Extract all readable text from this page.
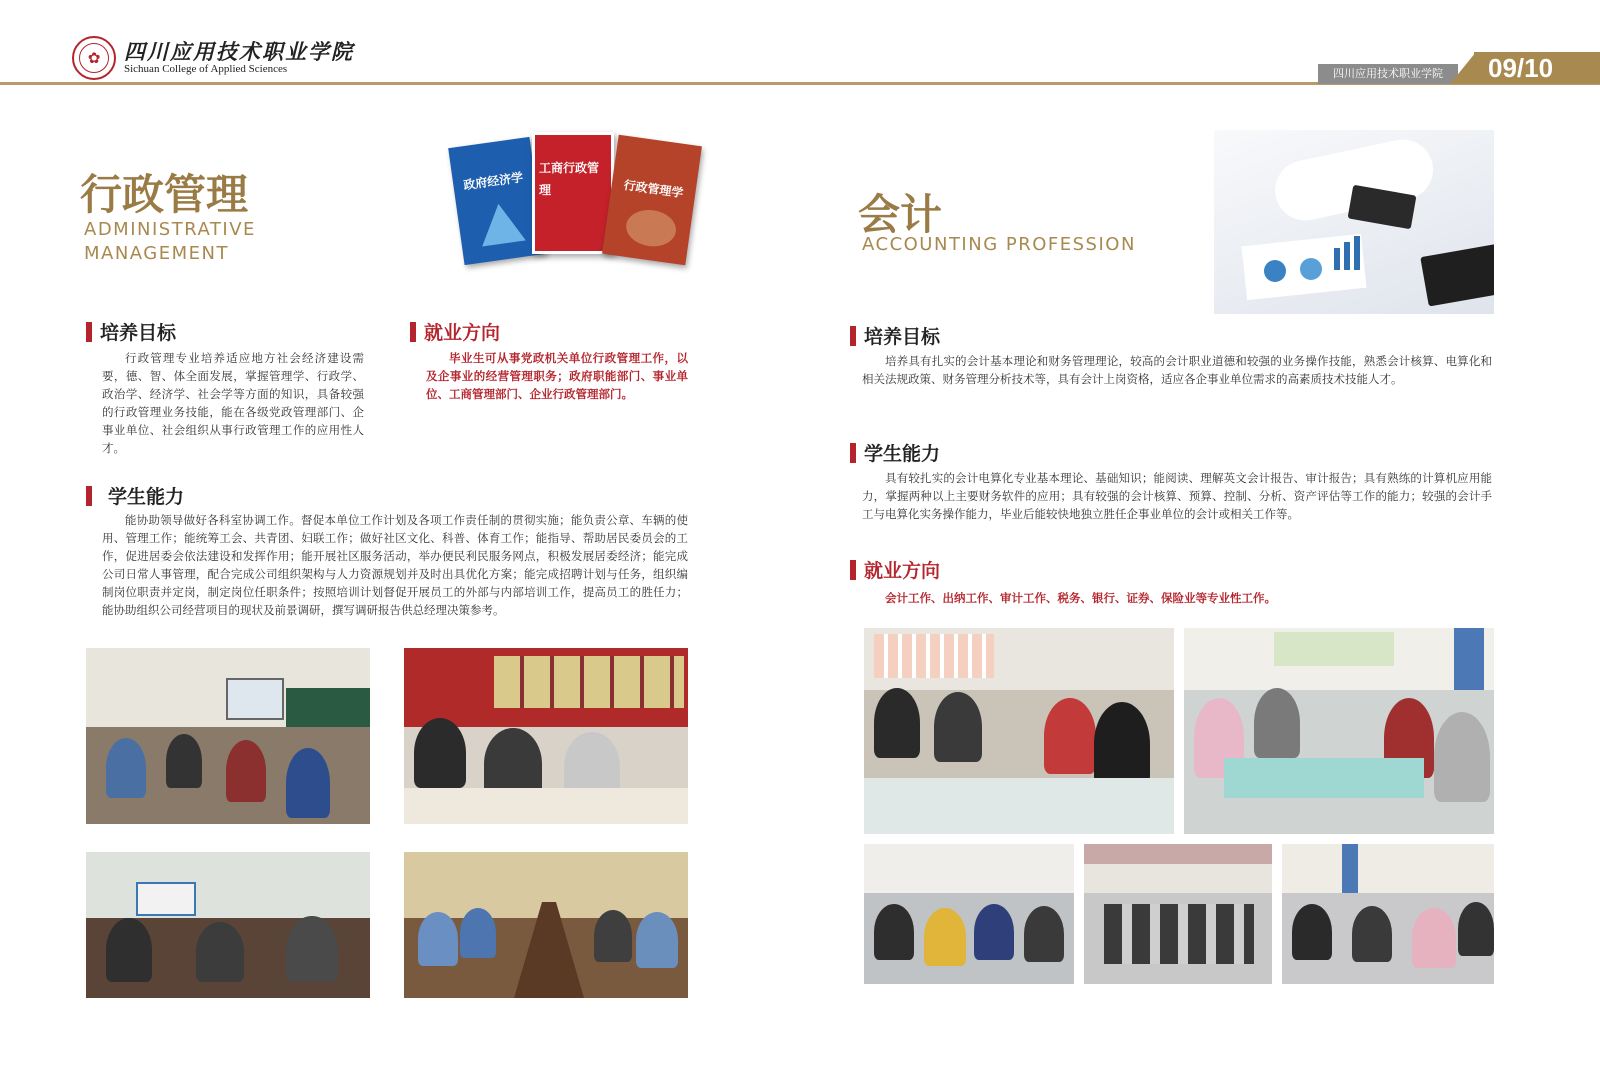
✿	四川应用技术职业学院
Sichuan College of Applied Sciences	四川应用技术职业学院	09/10
行政管理
ADMINISTRATIVE
MANAGEMENT
政府经济学
工商行政管理	行政管理学
培养目标
行政管理专业培养适应地方社会经济建设需要，德、智、体全面发展，掌握管理学、行政学、政治学、经济学、社会学等方面的知识，具备较强的行政管理业务技能，能在各级党政管理部门、企事业单位、社会组织从事行政管理工作的应用性人才。
就业方向
毕业生可从事党政机关单位行政管理工作，以及企事业的经营管理职务；政府职能部门、事业单位、工商管理部门、企业行政管理部门。
学生能力
能协助领导做好各科室协调工作。督促本单位工作计划及各项工作责任制的贯彻实施；能负责公章、车辆的使用、管理工作；能统筹工会、共青团、妇联工作；做好社区文化、科普、体育工作；能指导、帮助居民委员会的工作，促进居委会依法建设和发挥作用；能开展社区服务活动，举办便民利民服务网点，积极发展居委经济；能完成公司日常人事管理，配合完成公司组织架构与人力资源规划并及时出具优化方案；能完成招聘计划与任务，组织编制岗位职责并定岗，制定岗位任职条件；按照培训计划督促开展员工的外部与内部培训工作，提高员工的胜任力；能协助组织公司经营项目的现状及前景调研，撰写调研报告供总经理决策参考。
会计
ACCOUNTING PROFESSION
培养目标
培养具有扎实的会计基本理论和财务管理理论，较高的会计职业道德和较强的业务操作技能，熟悉会计核算、电算化和相关法规政策、财务管理分析技术等，具有会计上岗资格，适应各企事业单位需求的高素质技术技能人才。
学生能力
具有较扎实的会计电算化专业基本理论、基础知识；能阅读、理解英文会计报告、审计报告；具有熟练的计算机应用能力，掌握两种以上主要财务软件的应用；具有较强的会计核算、预算、控制、分析、资产评估等工作的能力；较强的会计手工与电算化实务操作能力，毕业后能较快地独立胜任企事业单位的会计或相关工作等。
就业方向
会计工作、出纳工作、审计工作、税务、银行、证券、保险业等专业性工作。
